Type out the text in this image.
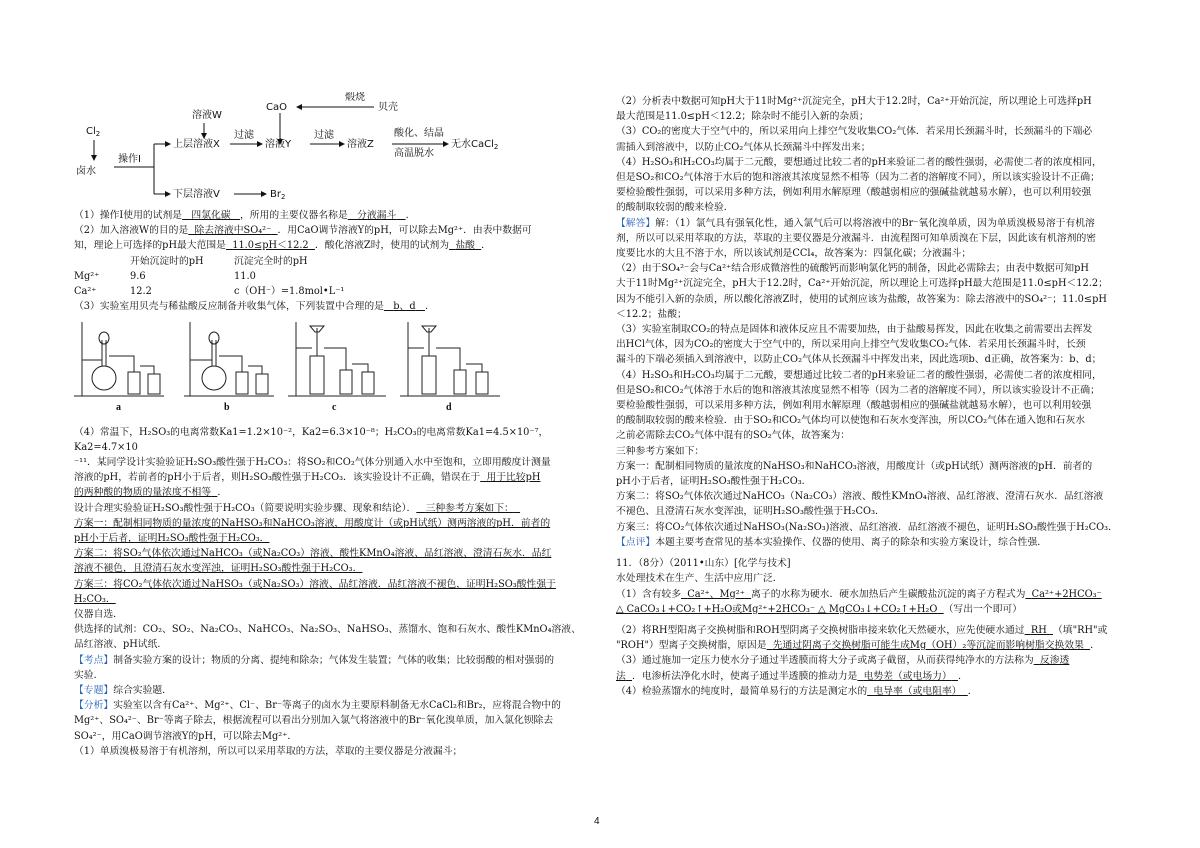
煅烧
贝壳
CaO
$Cl_2$
卤水
操作Ⅰ
溶液W
上层溶液X
下层溶液V	$Br_2$
过滤
溶液Y
过滤
溶液Z
酸化、结晶
高温脱水
无水CaCl$_2$

（1）操作Ⅰ使用的试剂是 四氯化碳 ，所用的主要仪器名称是 分液漏斗 ．

（2）加入溶液W的目的是 除去溶液中SO₄²⁻ ．用CaO调节溶液Y的pH，可以除去Mg²⁺．由表中数据可

知，理论上可选择的pH最大范围是 11.0≤pH＜12.2 ．酸化溶液Z时，使用的试剂为 盐酸 ．

开始沉淀时的pH	沉淀完全时的pH
Mg²⁺	9.6	11.0
Ca²⁺	12.2	c（OH⁻）=1.8mol•L⁻¹

（3）实验室用贝壳与稀盐酸反应制备并收集气体，下列装置中合理的是 b、d ．

a	b	c	d

（4）常温下，H₂SO₃的电离常数Ka1=1.2×10⁻²，Ka2=6.3×10⁻⁸；H₂CO₃的电离常数Ka1=4.5×10⁻⁷，Ka2=4.7×10

⁻¹¹．某同学设计实验验证H₂SO₃酸性强于H₂CO₃：将SO₂和CO₂气体分别通入水中至饱和，立即用酸度计测量

溶液的pH，若前者的pH小于后者，则H₂SO₃酸性强于H₂CO₃．该实验设计不正确，错误在于 用于比较pH

的两种酸的物质的量浓度不相等 ．

设计合理实验验证H₂SO₃酸性强于H₂CO₃（简要说明实验步骤、现象和结论）． 三种参考方案如下：

方案一：配制相同物质的量浓度的NaHSO₃和NaHCO₃溶液，用酸度计（或pH试纸）测两溶液的pH．前者的

pH小于后者，证明H₂SO₃酸性强于H₂CO₃．

方案二：将SO₂气体依次通过NaHCO₃（或Na₂CO₃）溶液、酸性KMnO₄溶液、品红溶液、澄清石灰水．品红

溶液不褪色，且澄清石灰水变浑浊，证明H₂SO₃酸性强于H₂CO₃．

方案三：将CO₂气体依次通过NaHSO₃（或Na₂SO₃）溶液、品红溶液．品红溶液不褪色，证明H₂SO₃酸性强于

H₂CO₃．

仪器自选．

供选择的试剂：CO₂、SO₂、Na₂CO₃、NaHCO₃、Na₂SO₃、NaHSO₃、蒸馏水、饱和石灰水、酸性KMnO₄溶液、

品红溶液、pH试纸．

【考点】制备实验方案的设计；物质的分离、提纯和除杂；气体发生装置；气体的收集；比较弱酸的相对强弱的

实验．

【专题】综合实验题．

【分析】实验室以含有Ca²⁺、Mg²⁺、Cl⁻、Br⁻等离子的卤水为主要原料制备无水CaCl₂和Br₂，应将混合物中的

Mg²⁺、SO₄²⁻、Br⁻等离子除去，根据流程可以看出分别加入氯气将溶液中的Br⁻氧化溴单质，加入氯化钡除去

SO₄²⁻，用CaO调节溶液Y的pH，可以除去Mg²⁺．

（1）单质溴极易溶于有机溶剂，所以可以采用萃取的方法，萃取的主要仪器是分液漏斗；

（2）分析表中数据可知pH大于11时Mg²⁺沉淀完全，pH大于12.2时，Ca²⁺开始沉淀，所以理论上可选择pH

最大范围是11.0≤pH＜12.2；除杂时不能引入新的杂质；

（3）CO₂的密度大于空气中的，所以采用向上排空气发收集CO₂气体．若采用长颈漏斗时，长颈漏斗的下端必

需插入到溶液中，以防止CO₂气体从长颈漏斗中挥发出来；

（4）H₂SO₃和H₂CO₃均属于二元酸，要想通过比较二者的pH来验证二者的酸性强弱，必需使二者的浓度相同，

但是SO₂和CO₂气体溶于水后的饱和溶液其浓度显然不相等（因为二者的溶解度不同），所以该实验设计不正确；

要检验酸性强弱，可以采用多种方法，例如利用水解原理（酸越弱相应的强碱盐就越易水解），也可以利用较强

的酸制取较弱的酸来检验．

【解答】解：（1）氯气具有强氧化性，通入氯气后可以将溶液中的Br⁻氧化溴单质，因为单质溴极易溶于有机溶

剂，所以可以采用萃取的方法，萃取的主要仪器是分液漏斗．由流程图可知单质溴在下层，因此该有机溶剂的密

度要比水的大且不溶于水，所以该试剂是CCl₄，故答案为：四氯化碳；分液漏斗；

（2）由于SO₄²⁻会与Ca²⁺结合形成微溶性的硫酸钙而影响氯化钙的制备，因此必需除去；由表中数据可知pH

大于11时Mg²⁺沉淀完全，pH大于12.2时，Ca²⁺开始沉淀，所以理论上可选择pH最大范围是11.0≤pH＜12.2；

因为不能引入新的杂质，所以酸化溶液Z时，使用的试剂应该为盐酸，故答案为：除去溶液中的SO₄²⁻；11.0≤pH

＜12.2；盐酸；

（3）实验室制取CO₂的特点是固体和液体反应且不需要加热，由于盐酸易挥发，因此在收集之前需要出去挥发

出HCl气体，因为CO₂的密度大于空气中的，所以采用向上排空气发收集CO₂气体．若采用长颈漏斗时，长颈

漏斗的下端必须插入到溶液中，以防止CO₂气体从长颈漏斗中挥发出来，因此选项b、d正确，故答案为：b、d；

（4）H₂SO₃和H₂CO₃均属于二元酸，要想通过比较二者的pH来验证二者的酸性强弱，必需使二者的浓度相同，

但是SO₂和CO₂气体溶于水后的饱和溶液其浓度显然不相等（因为二者的溶解度不同），所以该实验设计不正确；

要检验酸性强弱，可以采用多种方法，例如利用水解原理（酸越弱相应的强碱盐就越易水解），也可以利用较强

的酸制取较弱的酸来检验．由于SO₂和CO₂气体均可以使饱和石灰水变浑浊，所以CO₂气体在通入饱和石灰水

之前必需除去CO₂气体中混有的SO₂气体，故答案为：

三种参考方案如下：

方案一：配制相同物质的量浓度的NaHSO₃和NaHCO₃溶液，用酸度计（或pH试纸）测两溶液的pH．前者的

pH小于后者，证明H₂SO₃酸性强于H₂CO₃．

方案二：将SO₂气体依次通过NaHCO₃（Na₂CO₃）溶液、酸性KMnO₄溶液、品红溶液、澄清石灰水．品红溶液

不褪色、且澄清石灰水变浑浊，证明H₂SO₃酸性强于H₂CO₃．

方案三：将CO₂气体依次通过NaHSO₃(Na₂SO₃)溶液、品红溶液．品红溶液不褪色，证明H₂SO₃酸性强于H₂CO₃．

【点评】本题主要考查常见的基本实验操作、仪器的使用、离子的除杂和实验方案设计，综合性强．

11．（8分）（2011•山东）[化学与技术]

水处理技术在生产、生活中应用广泛．

（1）含有较多 Ca²⁺、Mg²⁺ 离子的水称为硬水．硬水加热后产生碳酸盐沉淀的离子方程式为 Ca²⁺+2HCO₃⁻

△ CaCO₃↓+CO₂↑+H₂O或Mg²⁺+2HCO₃⁻ △ MgCO₃↓+CO₂↑+H₂O （写出一个即可）

（2）将RH型阳离子交换树脂和ROH型阴离子交换树脂串接来软化天然硬水，应先使硬水通过 RH （填"RH"或

"ROH"）型离子交换树脂，原因是 先通过阴离子交换树脂可能生成Mg（OH）₂等沉淀而影响树脂交换效果 ．

（3）通过施加一定压力使水分子通过半透膜而将大分子或离子截留，从而获得纯净水的方法称为 反渗透

法 ．电渗析法净化水时，使离子通过半透膜的推动力是 电势差（或电场力） ．

（4）检验蒸馏水的纯度时，最简单易行的方法是测定水的 电导率（或电阻率） ．

4
